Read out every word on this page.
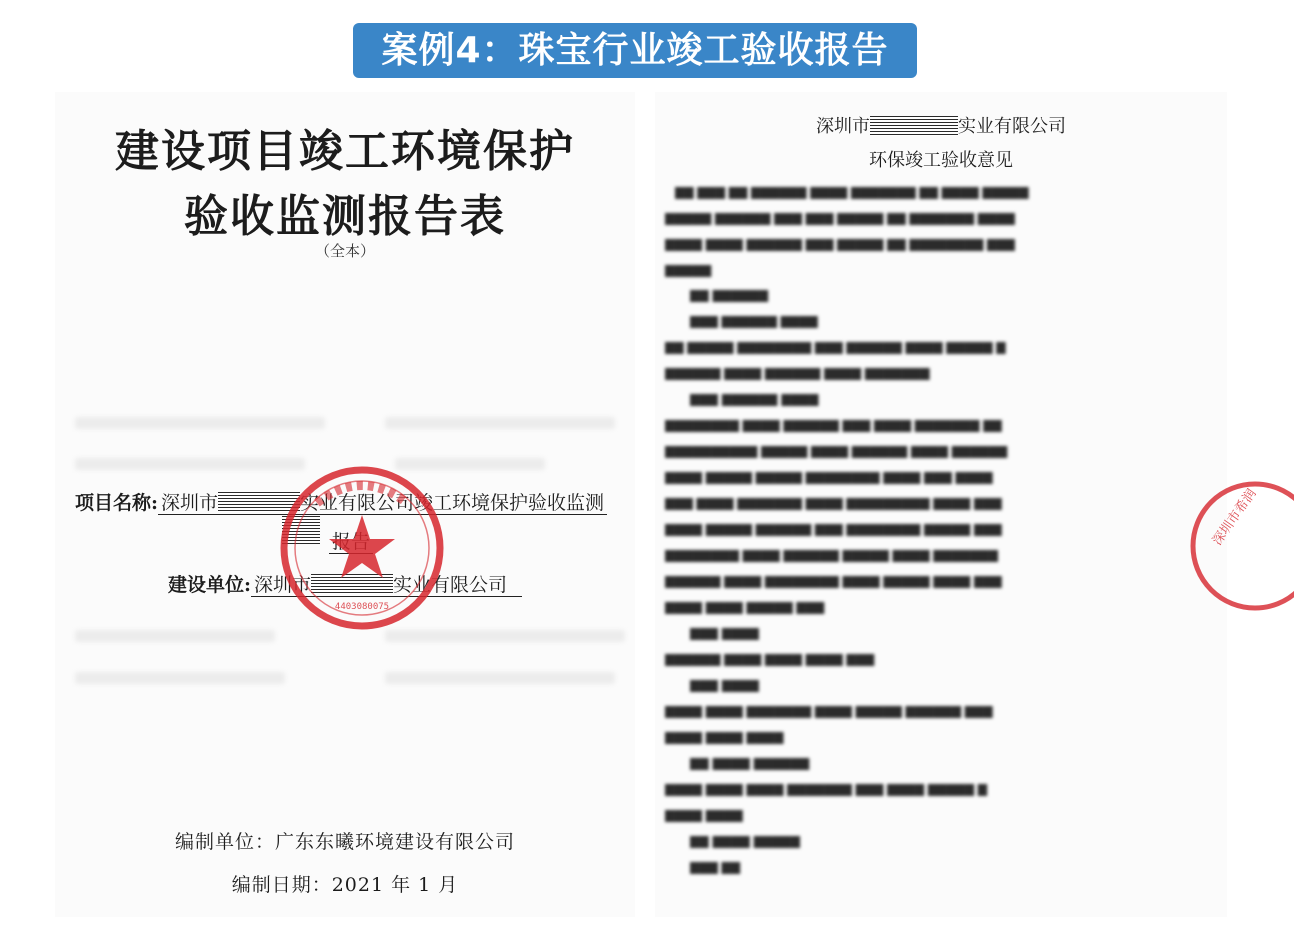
案例4：珠宝行业竣工验收报告
建设项目竣工环境保护
验收监测报告表
（全本）
项目名称: 深圳市	实业有限公司竣工环境保护验收监测
建设单位: 深圳市	实业有限公司
4403080075
编制单位：广东东曦环境建设有限公司
编制日期：2021 年 1 月
深圳市	实业有限公司
环保竣工验收意见
██ ███ ██ ██████ ████ ███████ ██ ████ █████
█████ ██████ ███ ███ █████ ██ ███████ ████
████ ████ ██████ ███ █████ ██ ████████ ███
█████
██ ██████
███ ██████ ████
██ █████ ████████ ███ ██████ ████ █████ █
██████ ████ ██████ ████ ███████
███ ██████ ████
████████ ████ ██████ ███ ████ ███████ ██
██████████ █████ ████ ██████ ████ ██████
████ █████ █████ ████████ ████ ███ ████
███ ████ ███████ ████ █████████ ████ ███
████ █████ ██████ ███ ████████ █████ ███
████████ ████ ██████ █████ ████ ███████
██████ ████ ████████ ████ █████ ████ ███
████ ████ █████ ███
███ ████
██████ ████ ████ ████ ███
███ ████
████ ████ ███████ ████ █████ ██████ ███
████ ████ ████
██ ████ ██████
████ ████ ████ ███████ ███ ████ █████ █
████ ████
██ ████ █████
███ ██
深圳市希润
